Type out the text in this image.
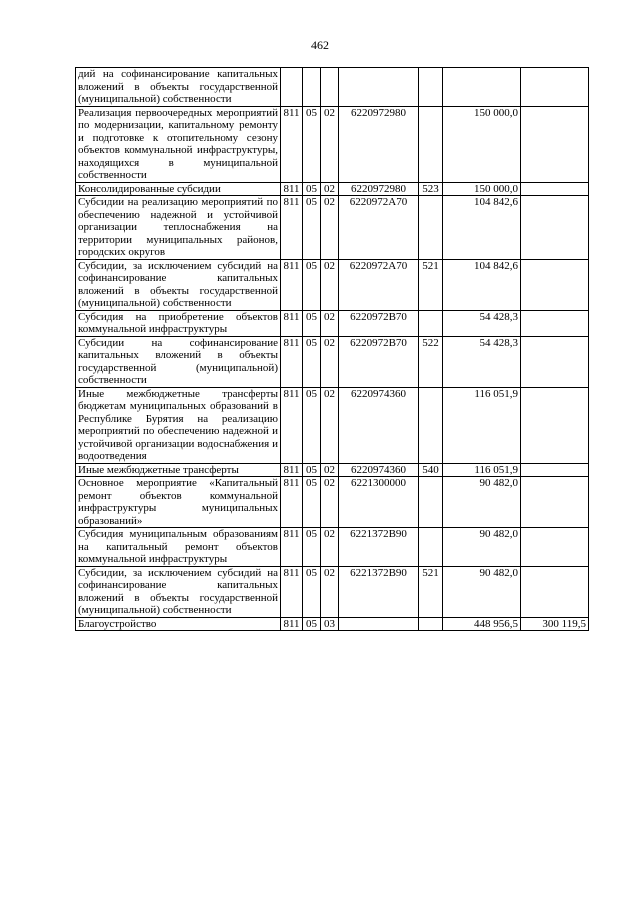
462
дий на софинансирование капитальных вложений в объекты государственной (муниципальной) собственности							
Реализация первоочередных мероприятий по модернизации, капитальному ремонту и подготовке к отопительному сезону объектов коммунальной инфраструктуры, находящихся в муниципальной собственности	811	05	02	6220972980		150 000,0	
Консолидированные субсидии	811	05	02	6220972980	523	150 000,0	
Субсидии на реализацию мероприятий по обеспечению надежной и устойчивой организации теплоснабжения на территории муниципальных районов, городских округов	811	05	02	6220972A70		104 842,6	
Субсидии, за исключением субсидий на софинансирование капитальных вложений в объекты государственной (муниципальной) собственности	811	05	02	6220972A70	521	104 842,6	
Субсидия на приобретение объектов коммунальной инфраструктуры	811	05	02	6220972B70		54 428,3	
Субсидии на софинансирование капитальных вложений в объекты государственной (муниципальной) собственности	811	05	02	6220972B70	522	54 428,3	
Иные межбюджетные трансферты бюджетам муниципальных образований в Республике Бурятия на реализацию мероприятий по обеспечению надежной и устойчивой организации водоснабжения и водоотведения	811	05	02	6220974360		116 051,9	
Иные межбюджетные трансферты	811	05	02	6220974360	540	116 051,9	
Основное мероприятие «Капитальный ремонт объектов коммунальной инфраструктуры муниципальных образований»	811	05	02	6221300000		90 482,0	
Субсидия муниципальным образованиям на капитальный ремонт объектов коммунальной инфраструктуры	811	05	02	6221372B90		90 482,0	
Субсидии, за исключением субсидий на софинансирование капитальных вложений в объекты государственной (муниципальной) собственности	811	05	02	6221372B90	521	90 482,0	
Благоустройство	811	05	03			448 956,5	300 119,5
